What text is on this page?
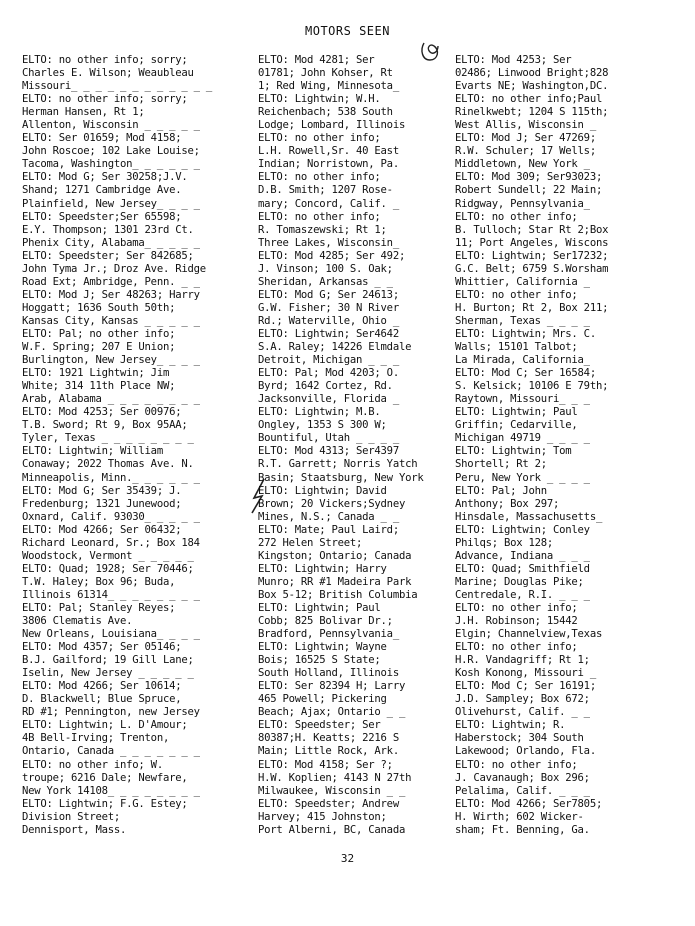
MOTORS SEEN
ELTO: no other info; sorry;
Charles E. Wilson; Weaubleau
Missouri_ _ _ _ _ _ _ _ _ _ _ _
ELTO: no other info; sorry;
Herman Hansen, Rt 1;
Allenton, Wisconsin _ _ _ _ _
ELTO: Ser 01659; Mod 4158;
John Roscoe; 102 Lake Louise;
Tacoma, Washington_ _ _ _ _ _
ELTO: Mod G; Ser 30258;J.V.
Shand; 1271 Cambridge Ave.
Plainfield, New Jersey_ _ _ _
ELTO: Speedster;Ser 65598;
E.Y. Thompson; 1301 23rd Ct.
Phenix City, Alabama_ _ _ _ _
ELTO: Speedster; Ser 842685;
John Tyma Jr.; Droz Ave. Ridge
Road Ext; Ambridge, Penn. _ _
ELTO: Mod J; Ser 48263; Harry
Hoggatt; 1636 South 50th;
Kansas City, Kansas _ _ _ _ _
ELTO: Pal; no other info;
W.F. Spring; 207 E Union;
Burlington, New Jersey_ _ _ _
ELTO: 1921 Lightwin; Jim
White; 314 11th Place NW;
Arab, Alabama _ _ _ _ _ _ _ _
ELTO: Mod 4253; Ser 00976;
T.B. Sword; Rt 9, Box 95AA;
Tyler, Texas _ _ _ _ _ _ _ _
ELTO: Lightwin; William
Conaway; 2022 Thomas Ave. N.
Minneapolis, Minn._ _ _ _ _ _
ELTO: Mod G; Ser 35439; J.
Fredenburg; 1321 Junewood;
Oxnard, Calif. 93030_ _ _ _ _
ELTO: Mod 4266; Ser 06432;
Richard Leonard, Sr.; Box 184
Woodstock, Vermont _ _ _ _ _
ELTO: Quad; 1928; Ser 70446;
T.W. Haley; Box 96; Buda,
Illinois 61314_ _ _ _ _ _ _ _
ELTO: Pal; Stanley Reyes;
3806 Clematis Ave.
New Orleans, Louisiana_ _ _ _
ELTO: Mod 4357; Ser 05146;
B.J. Gailford; 19 Gill Lane;
Iselin, New Jersey _ _ _ _ _
ELTO: Mod 4266; Ser 10614;
D. Blackwell; Blue Spruce,
RD #1; Pennington, new Jersey
ELTO: Lightwin; L. D'Amour;
4B Bell-Irving; Trenton,
Ontario, Canada _ _ _ _ _ _ _
ELTO: no other info; W.
troupe; 6216 Dale; Newfare,
New York 14108_ _ _ _ _ _ _ _
ELTO: Lightwin; F.G. Estey;
Division Street;
Dennisport, Mass.
ELTO: Mod 4281; Ser
01781; John Kohser, Rt
1; Red Wing, Minnesota_
ELTO: Lightwin; W.H.
Reichenbach; 538 South
Lodge; Lombard, Illinois
ELTO: no other info;
L.H. Rowell,Sr. 40 East
Indian; Norristown, Pa.
ELTO: no other info;
D.B. Smith; 1207 Rose-
mary; Concord, Calif. _
ELTO: no other info;
R. Tomaszewski; Rt 1;
Three Lakes, Wisconsin_
ELTO: Mod 4285; Ser 492;
J. Vinson; 100 S. Oak;
Sheridan, Arkansas _ _
ELTO: Mod G; Ser 24613;
G.W. Fisher; 30 N River
Rd.; Waterville, Ohio _
ELTO: Lightwin; Ser4642
S.A. Raley; 14226 Elmdale
Detroit, Michigan _ _ _
ELTO: Pal; Mod 4203; O.
Byrd; 1642 Cortez, Rd.
Jacksonville, Florida _
ELTO: Lightwin; M.B.
Ongley, 1353 S 300 W;
Bountiful, Utah _ _ _ _
ELTO: Mod 4313; Ser4397
R.T. Garrett; Norris Yatch
Basin; Staatsburg, New York
ELTO: Lightwin; David
Brown; 20 Vickers;Sydney
Mines, N.S.; Canada _ _
ELTO: Mate; Paul Laird;
272 Helen Street;
Kingston; Ontario; Canada
ELTO: Lightwin; Harry
Munro; RR #1 Madeira Park
Box 5-12; British Columbia
ELTO: Lightwin; Paul
Cobb; 825 Bolivar Dr.;
Bradford, Pennsylvania_
ELTO: Lightwin; Wayne
Bois; 16525 S State;
South Holland, Illinois
ELTO: Ser 82394 H; Larry
465 Powell; Pickering
Beach; Ajax; Ontario _ _
ELTO: Speedster; Ser
80387;H. Keatts; 2216 S
Main; Little Rock, Ark.
ELTO: Mod 4158; Ser ?;
H.W. Koplien; 4143 N 27th
Milwaukee, Wisconsin _ _
ELTO: Speedster; Andrew
Harvey; 415 Johnston;
Port Alberni, BC, Canada
ELTO: Mod 4253; Ser
02486; Linwood Bright;828
Evarts NE; Washington,DC.
ELTO: no other info;Paul
Rinelkwebt; 1204 S 115th;
West Allis, Wisconsin _
ELTO: Mod J; Ser 47269;
R.W. Schuler; 17 Wells;
Middletown, New York _
ELTO: Mod 309; Ser93023;
Robert Sundell; 22 Main;
Ridgway, Pennsylvania_
ELTO: no other info;
B. Tulloch; Star Rt 2;Box
11; Port Angeles, Wiscons
ELTO: Lightwin; Ser17232;
G.C. Belt; 6759 S.Worsham
Whittier, California _
ELTO: no other info;
H. Burton; Rt 2, Box 211;
Sherman, Texas _ _ _ _
ELTO: Lightwin; Mrs. C.
Walls; 15101 Talbot;
La Mirada, California_
ELTO: Mod C; Ser 16584;
S. Kelsick; 10106 E 79th;
Raytown, Missouri_ _ _
ELTO: Lightwin; Paul
Griffin; Cedarville,
Michigan 49719 _ _ _ _
ELTO: Lightwin; Tom
Shortell; Rt 2;
Peru, New York _ _ _ _
ELTO: Pal; John
Anthony; Box 297;
Hinsdale, Massachusetts_
ELTO: Lightwin; Conley
Philqs; Box 128;
Advance, Indiana _ _ _
ELTO: Quad; Smithfield
Marine; Douglas Pike;
Centredale, R.I. _ _ _
ELTO: no other info;
J.H. Robinson; 15442
Elgin; Channelview,Texas
ELTO: no other info;
H.R. Vandagriff; Rt 1;
Kosh Konong, Missouri _
ELTO: Mod C; Ser 16191;
J.D. Sampley; Box 672;
Olivehurst, Calif. _ _
ELTO: Lightwin; R.
Haberstock; 304 South
Lakewood; Orlando, Fla.
ELTO: no other info;
J. Cavanaugh; Box 296;
Pelalima, Calif. _ _ _
ELTO: Mod 4266; Ser7805;
H. Wirth; 602 Wicker-
sham; Ft. Benning, Ga.
32
